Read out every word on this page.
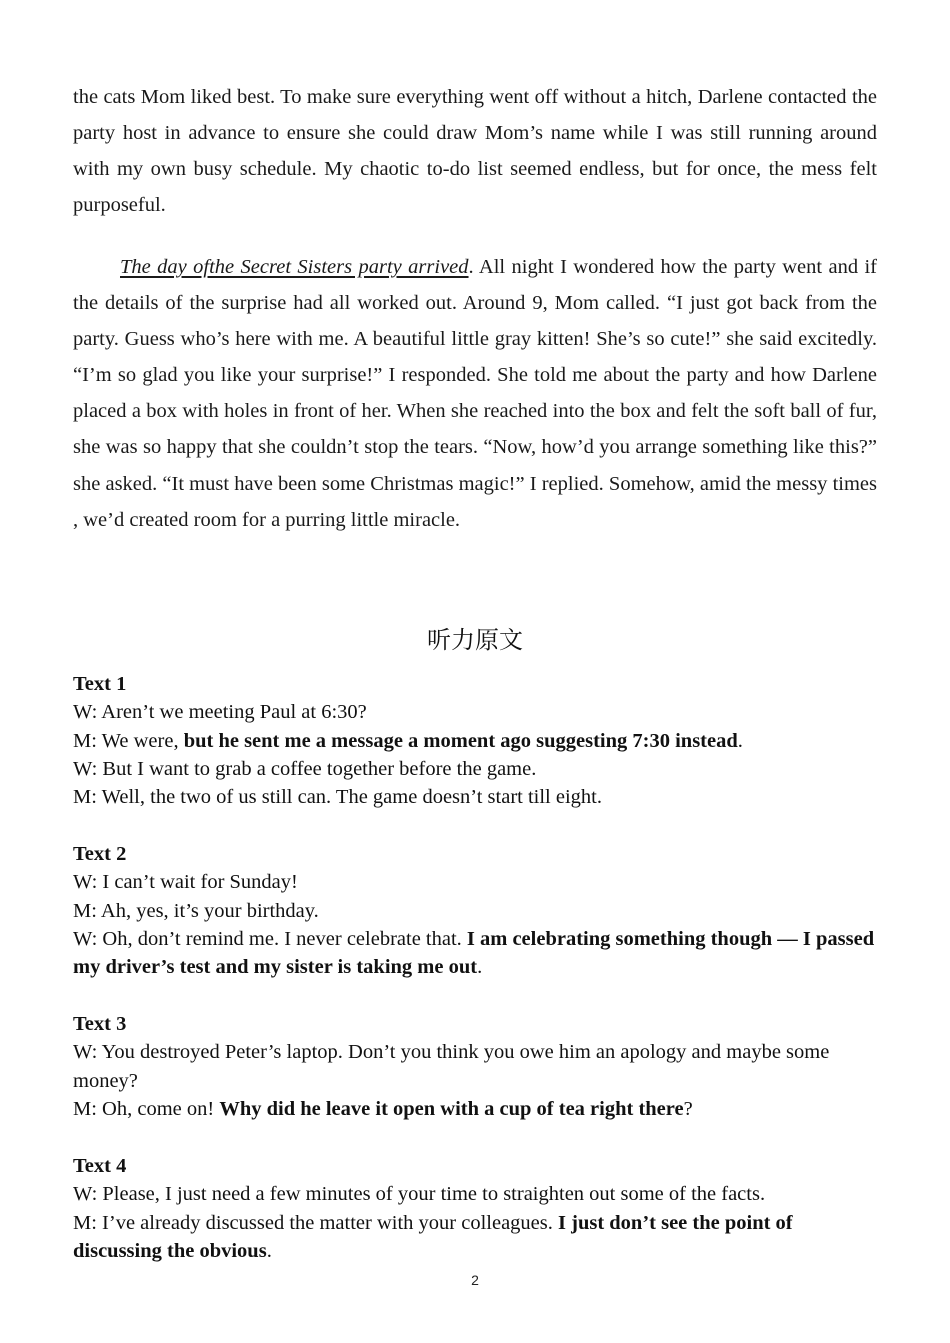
the cats Mom liked best. To make sure everything went off without a hitch, Darlene contacted the party host in advance to ensure she could draw Mom’s name while I was still running around with my own busy schedule. My chaotic to-do list seemed endless, but for once, the mess felt purposeful.

The day ofthe Secret Sisters party arrived. All night I wondered how the party went and if the details of the surprise had all worked out. Around 9, Mom called. “I just got back from the party. Guess who’s here with me. A beautiful little gray kitten! She’s so cute!” she said excitedly. “I’m so glad you like your surprise!” I responded. She told me about the party and how Darlene placed a box with holes in front of her. When she reached into the box and felt the soft ball of fur, she was so happy that she couldn’t stop the tears. “Now, how’d you arrange something like this?” she asked. “It must have been some Christmas magic!” I replied. Somehow, amid the messy times , we’d created room for a purring little miracle.

听力原文
Text 1
W: Aren’t we meeting Paul at 6:30?
M: We were, but he sent me a message a moment ago suggesting 7:30 instead.
W: But I want to grab a coffee together before the game.
M: Well, the two of us still can. The game doesn’t start till eight.
Text 2
W: I can’t wait for Sunday!
M: Ah, yes, it’s your birthday.
W: Oh, don’t remind me. I never celebrate that. I am celebrating something though — I passed my driver’s test and my sister is taking me out.
Text 3
W: You destroyed Peter’s laptop. Don’t you think you owe him an apology and maybe some money?
M: Oh, come on! Why did he leave it open with a cup of tea right there?
Text 4
W: Please, I just need a few minutes of your time to straighten out some of the facts.
M: I’ve already discussed the matter with your colleagues. I just don’t see the point of discussing the obvious.
2
